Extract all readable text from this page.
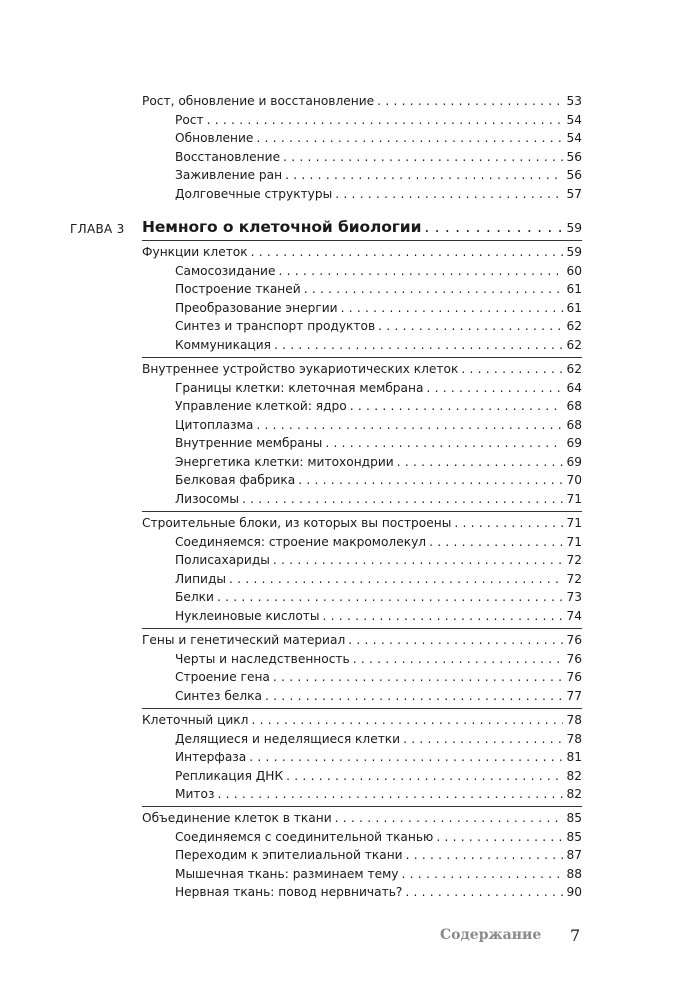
Рост, обновление и восстановление . . .	53
Рост . . .	54
Обновление . . .	54
Восстановление . . .	56
Заживление ран . . .	56
Долговечные структуры . . .	57
ГЛАВА 3 Немного о клеточной биологии . . .	59
Функции клеток . . .	59
Самосозидание . . .	60
Построение тканей . . .	61
Преобразование энергии . . .	61
Синтез и транспорт продуктов . . .	62
Коммуникация . . .	62
Внутреннее устройство эукариотических клеток . . .	62
Границы клетки: клеточная мембрана . . .	64
Управление клеткой: ядро . . .	68
Цитоплазма . . .	68
Внутренние мембраны . . .	69
Энергетика клетки: митохондрии . . .	69
Белковая фабрика . . .	70
Лизосомы . . .	71
Строительные блоки, из которых вы построены . . .	71
Соединяемся: строение макромолекул . . .	71
Полисахариды . . .	72
Липиды . . .	72
Белки . . .	73
Нуклеиновые кислоты . . .	74
Гены и генетический материал . . .	76
Черты и наследственность . . .	76
Строение гена . . .	76
Синтез белка . . .	77
Клеточный цикл . . .	78
Делящиеся и неделящиеся клетки . . .	78
Интерфаза . . .	81
Репликация ДНК . . .	82
Митоз . . .	82
Объединение клеток в ткани . . .	85
Соединяемся с соединительной тканью . . .	85
Переходим к эпителиальной ткани . . .	87
Мышечная ткань: разминаем тему . . .	88
Нервная ткань: повод нервничать? . . .	90
Содержание 7
